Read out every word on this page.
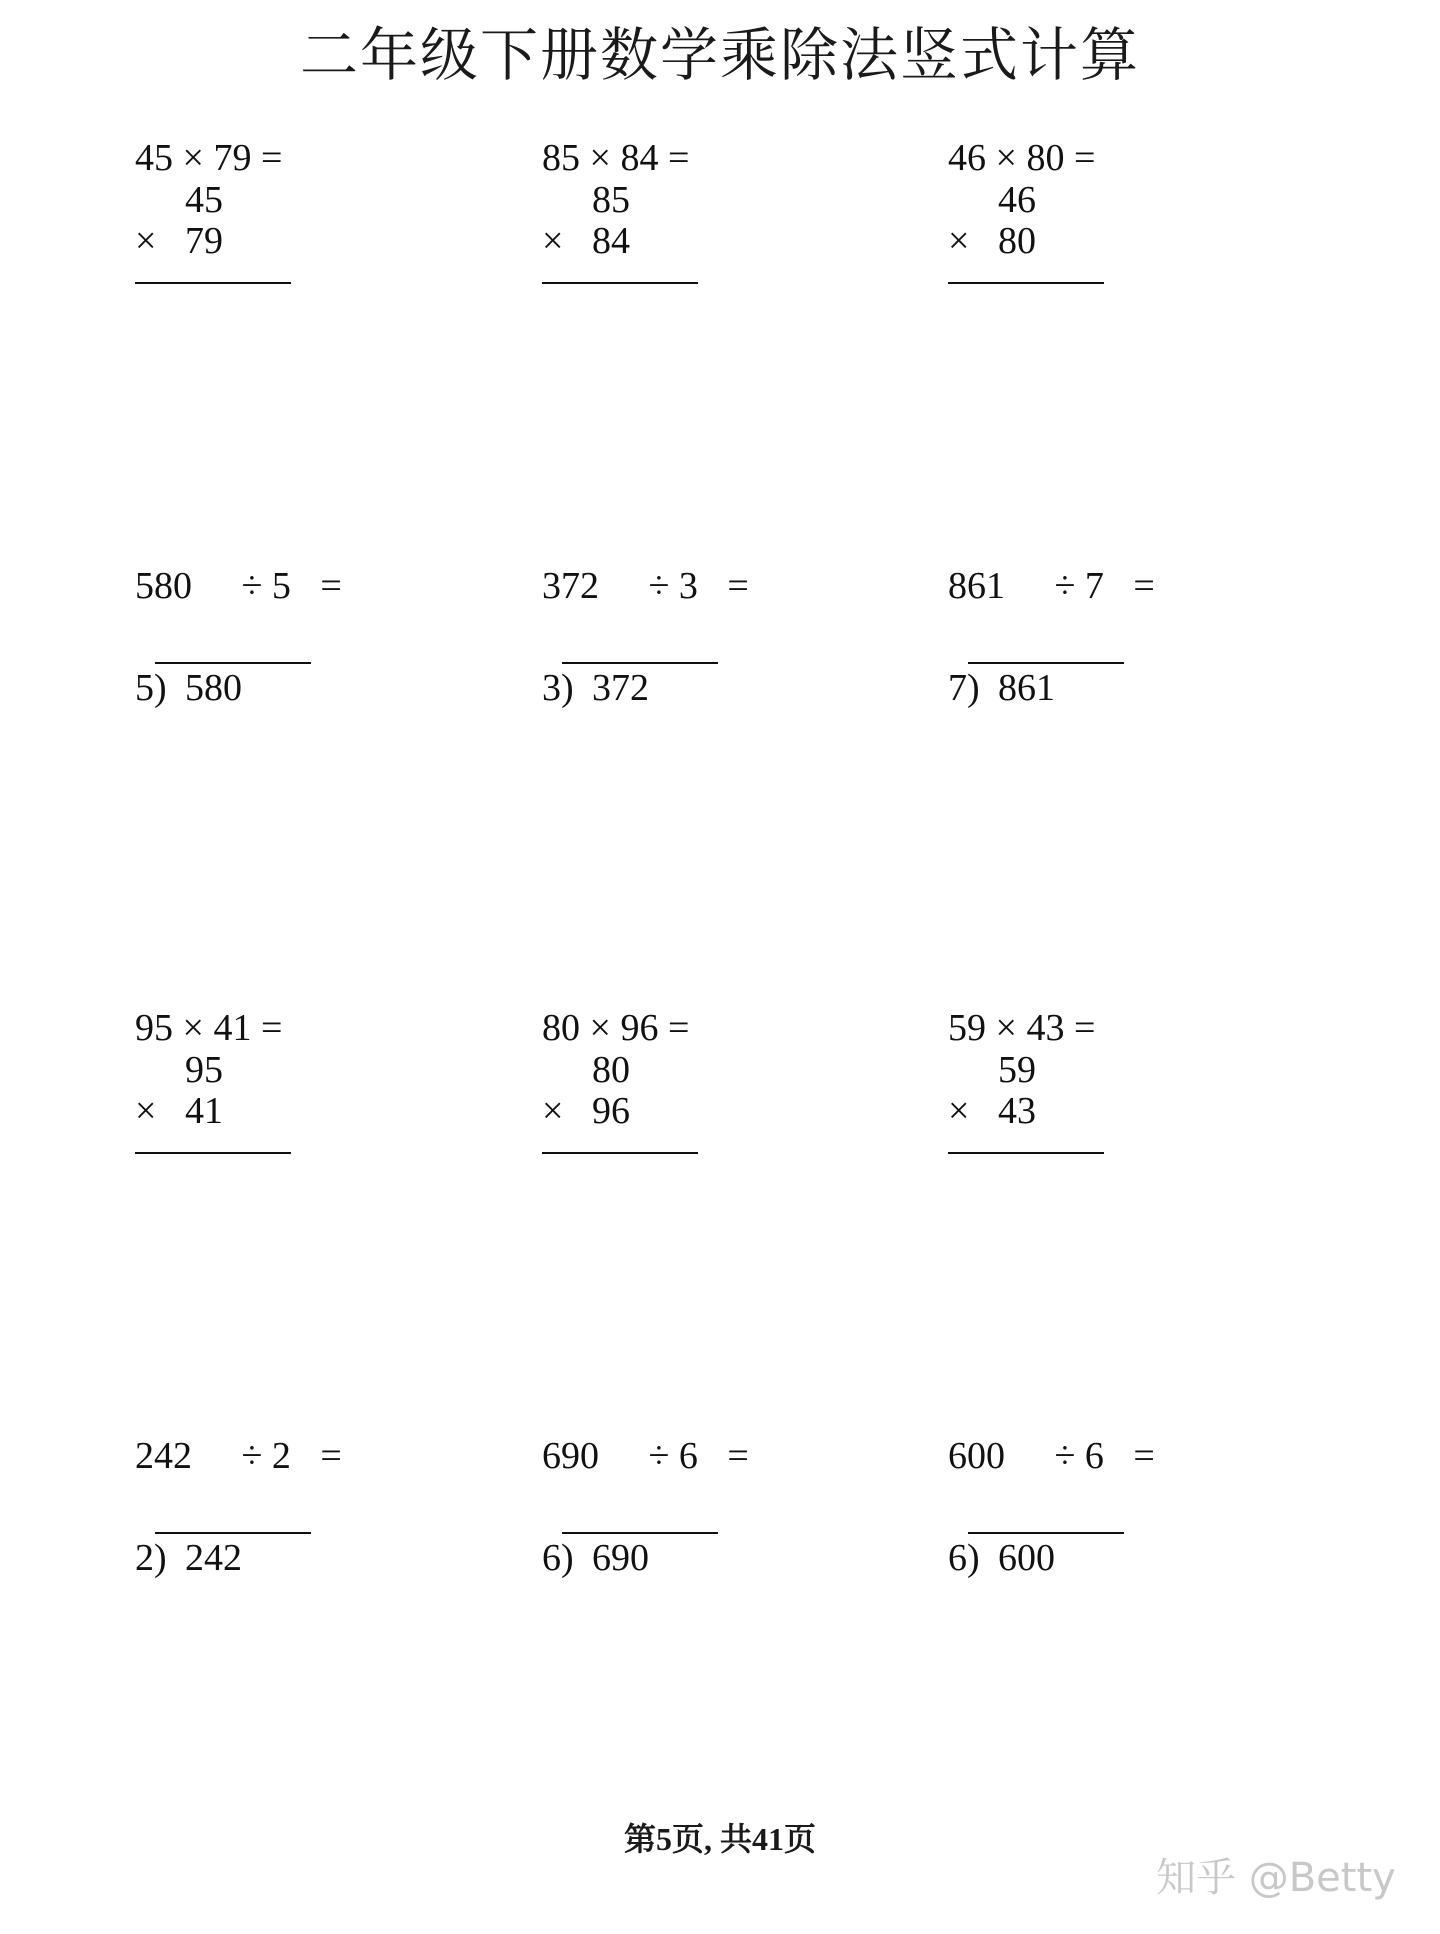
二年级下册数学乘除法竖式计算
45 × 79 =
45
× 79
85 × 84 =
85
× 84
46 × 80 =
46
× 80
580 ÷ 5 =
5) 580
372 ÷ 3 =
3) 372
861 ÷ 7 =
7) 861
95 × 41 =
95
× 41
80 × 96 =
80
× 96
59 × 43 =
59
× 43
242 ÷ 2 =
2) 242
690 ÷ 6 =
6) 690
600 ÷ 6 =
6) 600
第5页, 共41页
知乎 @Betty
